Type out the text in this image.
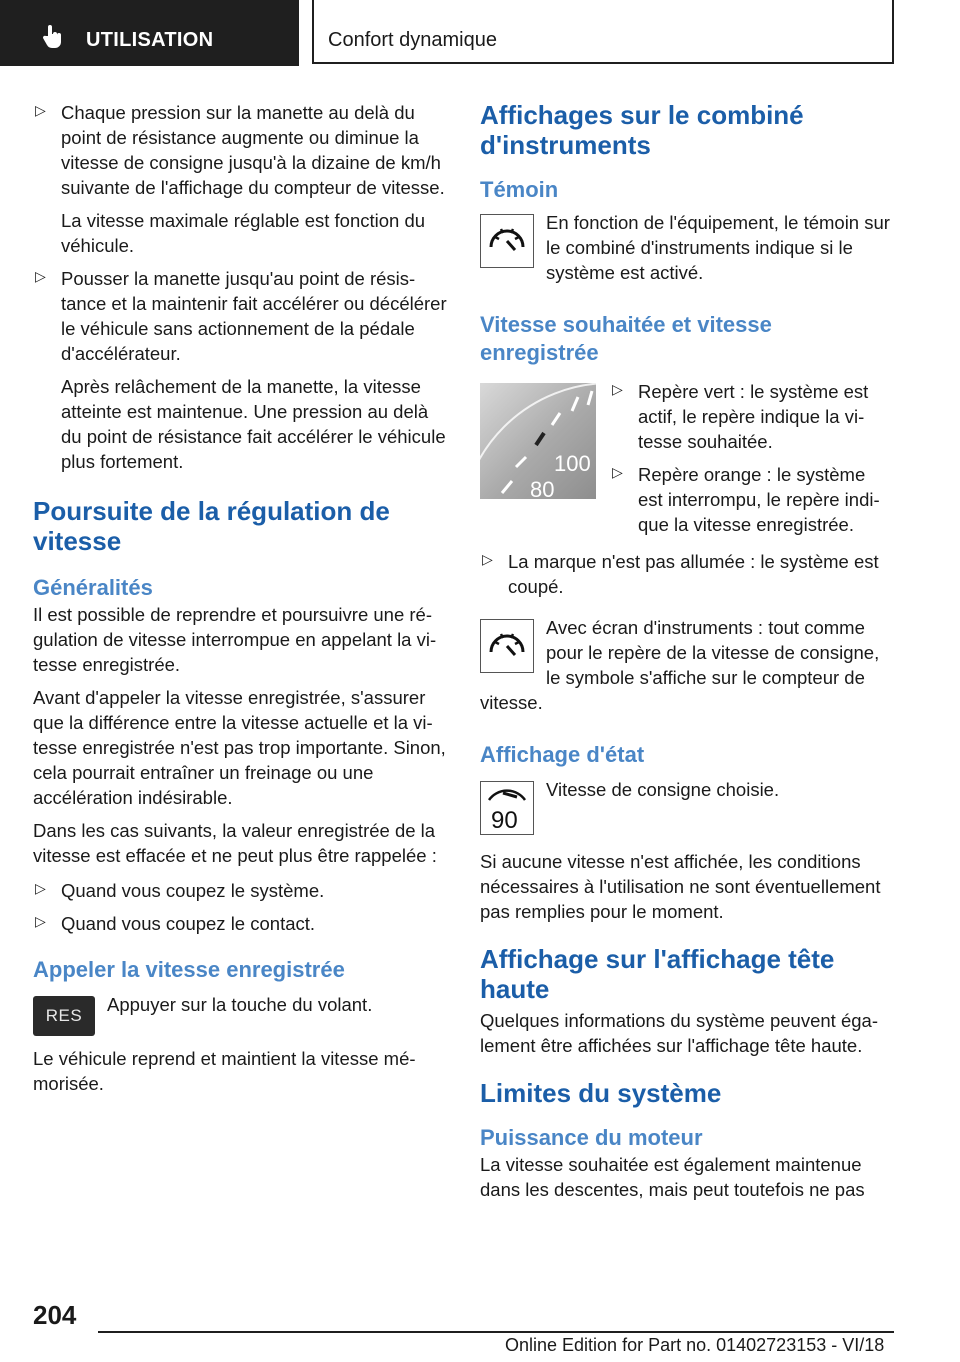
UTILISATION	Confort dynamique
▷ Chaque pression sur la manette au delà du point de résistance augmente ou diminue la vitesse de consigne jusqu'à la dizaine de km/h suivante de l'affichage du compteur de vitesse.

La vitesse maximale réglable est fonction du véhicule.

▷ Pousser la manette jusqu'au point de résistance et la maintenir fait accélérer ou décélérer le véhicule sans actionnement de la pédale d'accélérateur.

Après relâchement de la manette, la vitesse atteinte est maintenue. Une pression au delà du point de résistance fait accélérer le véhicule plus fortement.

Poursuite de la régulation de vitesse
Généralités

Il est possible de reprendre et poursuivre une régulation de vitesse interrompue en appelant la vitesse enregistrée.

Avant d'appeler la vitesse enregistrée, s'assurer que la différence entre la vitesse actuelle et la vitesse enregistrée n'est pas trop importante. Sinon, cela pourrait entraîner un freinage ou une accélération indésirable.

Dans les cas suivants, la valeur enregistrée de la vitesse est effacée et ne peut plus être rappelée :

▷ Quand vous coupez le système.

▷ Quand vous coupez le contact.

Appeler la vitesse enregistrée
RES

Appuyer sur la touche du volant.

Le véhicule reprend et maintient la vitesse mémorisée.

Affichages sur le combiné d'instruments
Témoin

En fonction de l'équipement, le témoin sur le combiné d'instruments indique si le système est activé.

Vitesse souhaitée et vitesse enregistrée
100
80
▷ Repère vert : le système est actif, le repère indique la vitesse souhaitée.

▷ Repère orange : le système est interrompu, le repère indique la vitesse enregistrée.

▷ La marque n'est pas allumée : le système est coupé.

Avec écran d'instruments : tout comme pour le repère de la vitesse de consigne, le symbole s'affiche sur le compteur de vitesse.

Affichage d'état
90

Vitesse de consigne choisie.

Si aucune vitesse n'est affichée, les conditions nécessaires à l'utilisation ne sont éventuellement pas remplies pour le moment.

Affichage sur l'affichage tête haute

Quelques informations du système peuvent également être affichées sur l'affichage tête haute.

Limites du système
Puissance du moteur

La vitesse souhaitée est également maintenue dans les descentes, mais peut toutefois ne pas

204
Online Edition for Part no. 01402723153 - VI/18
